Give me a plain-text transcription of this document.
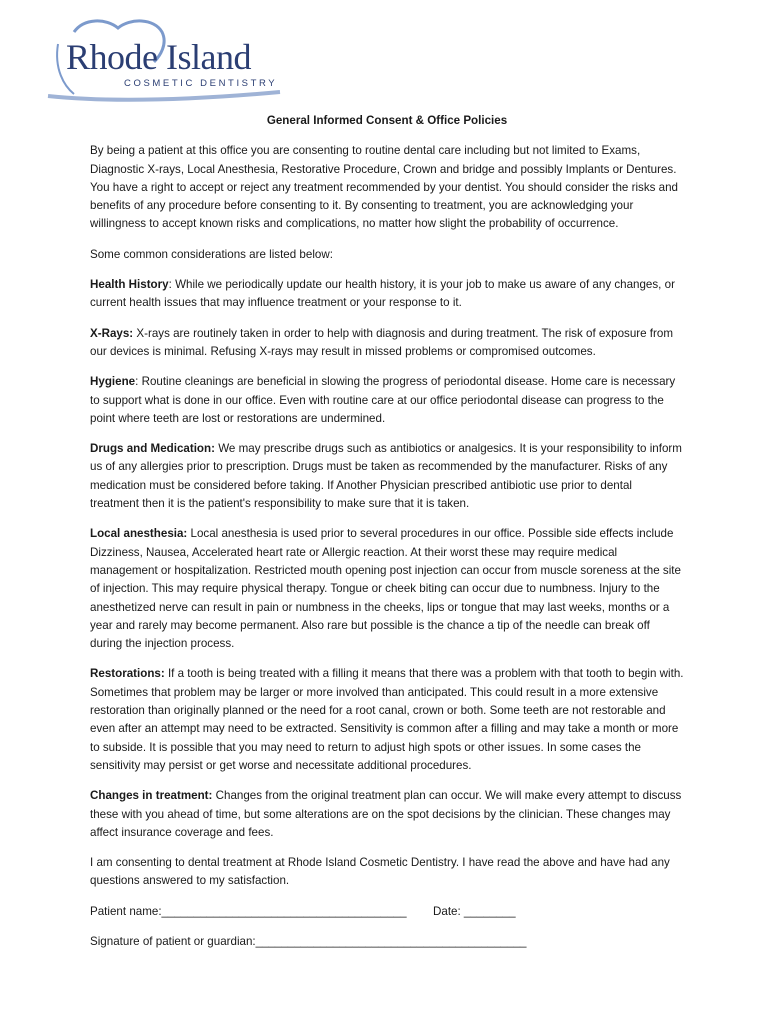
Rhode Island
COSMETIC DENTISTRY

General Informed Consent & Office Policies

By being a patient at this office you are consenting to routine dental care including but not limited to Exams, Diagnostic X-rays, Local Anesthesia, Restorative Procedure, Crown and bridge and possibly Implants or Dentures. You have a right to accept or reject any treatment recommended by your dentist. You should consider the risks and benefits of any procedure before consenting to it. By consenting to treatment, you are acknowledging your willingness to accept known risks and complications, no matter how slight the probability of occurrence.

Some common considerations are listed below:

Health History: While we periodically update our health history, it is your job to make us aware of any changes, or current health issues that may influence treatment or your response to it.

X-Rays: X-rays are routinely taken in order to help with diagnosis and during treatment. The risk of exposure from our devices is minimal. Refusing X-rays may result in missed problems or compromised outcomes.

Hygiene: Routine cleanings are beneficial in slowing the progress of periodontal disease. Home care is necessary to support what is done in our office. Even with routine care at our office periodontal disease can progress to the point where teeth are lost or restorations are undermined.

Drugs and Medication: We may prescribe drugs such as antibiotics or analgesics. It is your responsibility to inform us of any allergies prior to prescription. Drugs must be taken as recommended by the manufacturer. Risks of any medication must be considered before taking. If Another Physician prescribed antibiotic use prior to dental treatment then it is the patient's responsibility to make sure that it is taken.

Local anesthesia: Local anesthesia is used prior to several procedures in our office. Possible side effects include Dizziness, Nausea, Accelerated heart rate or Allergic reaction. At their worst these may require medical management or hospitalization. Restricted mouth opening post injection can occur from muscle soreness at the site of injection. This may require physical therapy. Tongue or cheek biting can occur due to numbness. Injury to the anesthetized nerve can result in pain or numbness in the cheeks, lips or tongue that may last weeks, months or a year and rarely may become permanent. Also rare but possible is the chance a tip of the needle can break off during the injection process.

Restorations: If a tooth is being treated with a filling it means that there was a problem with that tooth to begin with. Sometimes that problem may be larger or more involved than anticipated. This could result in a more extensive restoration than originally planned or the need for a root canal, crown or both. Some teeth are not restorable and even after an attempt may need to be extracted. Sensitivity is common after a filling and may take a month or more to subside. It is possible that you may need to return to adjust high spots or other issues. In some cases the sensitivity may persist or get worse and necessitate additional procedures.

Changes in treatment: Changes from the original treatment plan can occur. We will make every attempt to discuss these with you ahead of time, but some alterations are on the spot decisions by the clinician. These changes may affect insurance coverage and fees.

I am consenting to dental treatment at Rhode Island Cosmetic Dentistry. I have read the above and have had any questions answered to my satisfaction.

Patient name:______________________________________ Date: ________
Signature of patient or guardian:__________________________________________
